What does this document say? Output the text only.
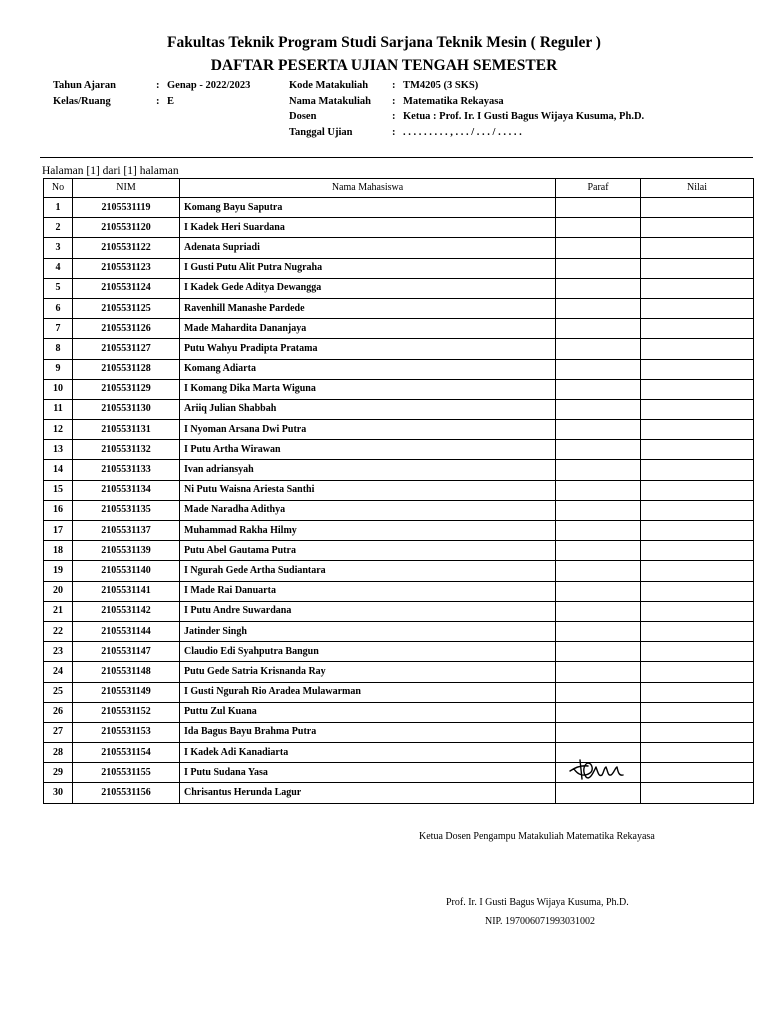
Fakultas Teknik Program Studi Sarjana Teknik Mesin ( Reguler )
DAFTAR PESERTA UJIAN TENGAH SEMESTER
Tahun Ajaran	: Genap - 2022/2023
Kelas/Ruang	: E
Kode Matakuliah : TM4205 (3 SKS)
Nama Matakuliah : Matematika Rekayasa
Dosen	: Ketua : Prof. Ir. I Gusti Bagus Wijaya Kusuma, Ph.D.
Tanggal Ujian	: . . . . . . . . . , . . . / . . . / . . . . .
Halaman [1] dari [1] halaman
No	NIM	Nama Mahasiswa	Paraf	Nilai
1	2105531119	Komang Bayu Saputra		
2	2105531120	I Kadek Heri Suardana		
3	2105531122	Adenata Supriadi		
4	2105531123	I Gusti Putu Alit Putra Nugraha		
5	2105531124	I Kadek Gede Aditya Dewangga		
6	2105531125	Ravenhill Manashe Pardede		
7	2105531126	Made Mahardita Dananjaya		
8	2105531127	Putu Wahyu Pradipta Pratama		
9	2105531128	Komang Adiarta		
10	2105531129	I Komang Dika Marta Wiguna		
11	2105531130	Ariiq Julian Shabbah		
12	2105531131	I Nyoman Arsana Dwi Putra		
13	2105531132	I Putu Artha Wirawan		
14	2105531133	Ivan adriansyah		
15	2105531134	Ni Putu Waisna Ariesta Santhi		
16	2105531135	Made Naradha Adithya		
17	2105531137	Muhammad Rakha Hilmy		
18	2105531139	Putu Abel Gautama Putra		
19	2105531140	I Ngurah Gede Artha Sudiantara		
20	2105531141	I Made Rai Danuarta		
21	2105531142	I Putu Andre Suwardana		
22	2105531144	Jatinder Singh		
23	2105531147	Claudio Edi Syahputra Bangun		
24	2105531148	Putu Gede Satria Krisnanda Ray		
25	2105531149	I Gusti Ngurah Rio Aradea Mulawarman		
26	2105531152	Puttu Zul Kuana		
27	2105531153	Ida Bagus Bayu Brahma Putra		
28	2105531154	I Kadek Adi Kanadiarta		
29	2105531155	I Putu Sudana Yasa	

30	2105531156	Chrisantus Herunda Lagur		
Ketua Dosen Pengampu Matakuliah Matematika Rekayasa
Prof. Ir. I Gusti Bagus Wijaya Kusuma, Ph.D.
NIP. 197006071993031002
